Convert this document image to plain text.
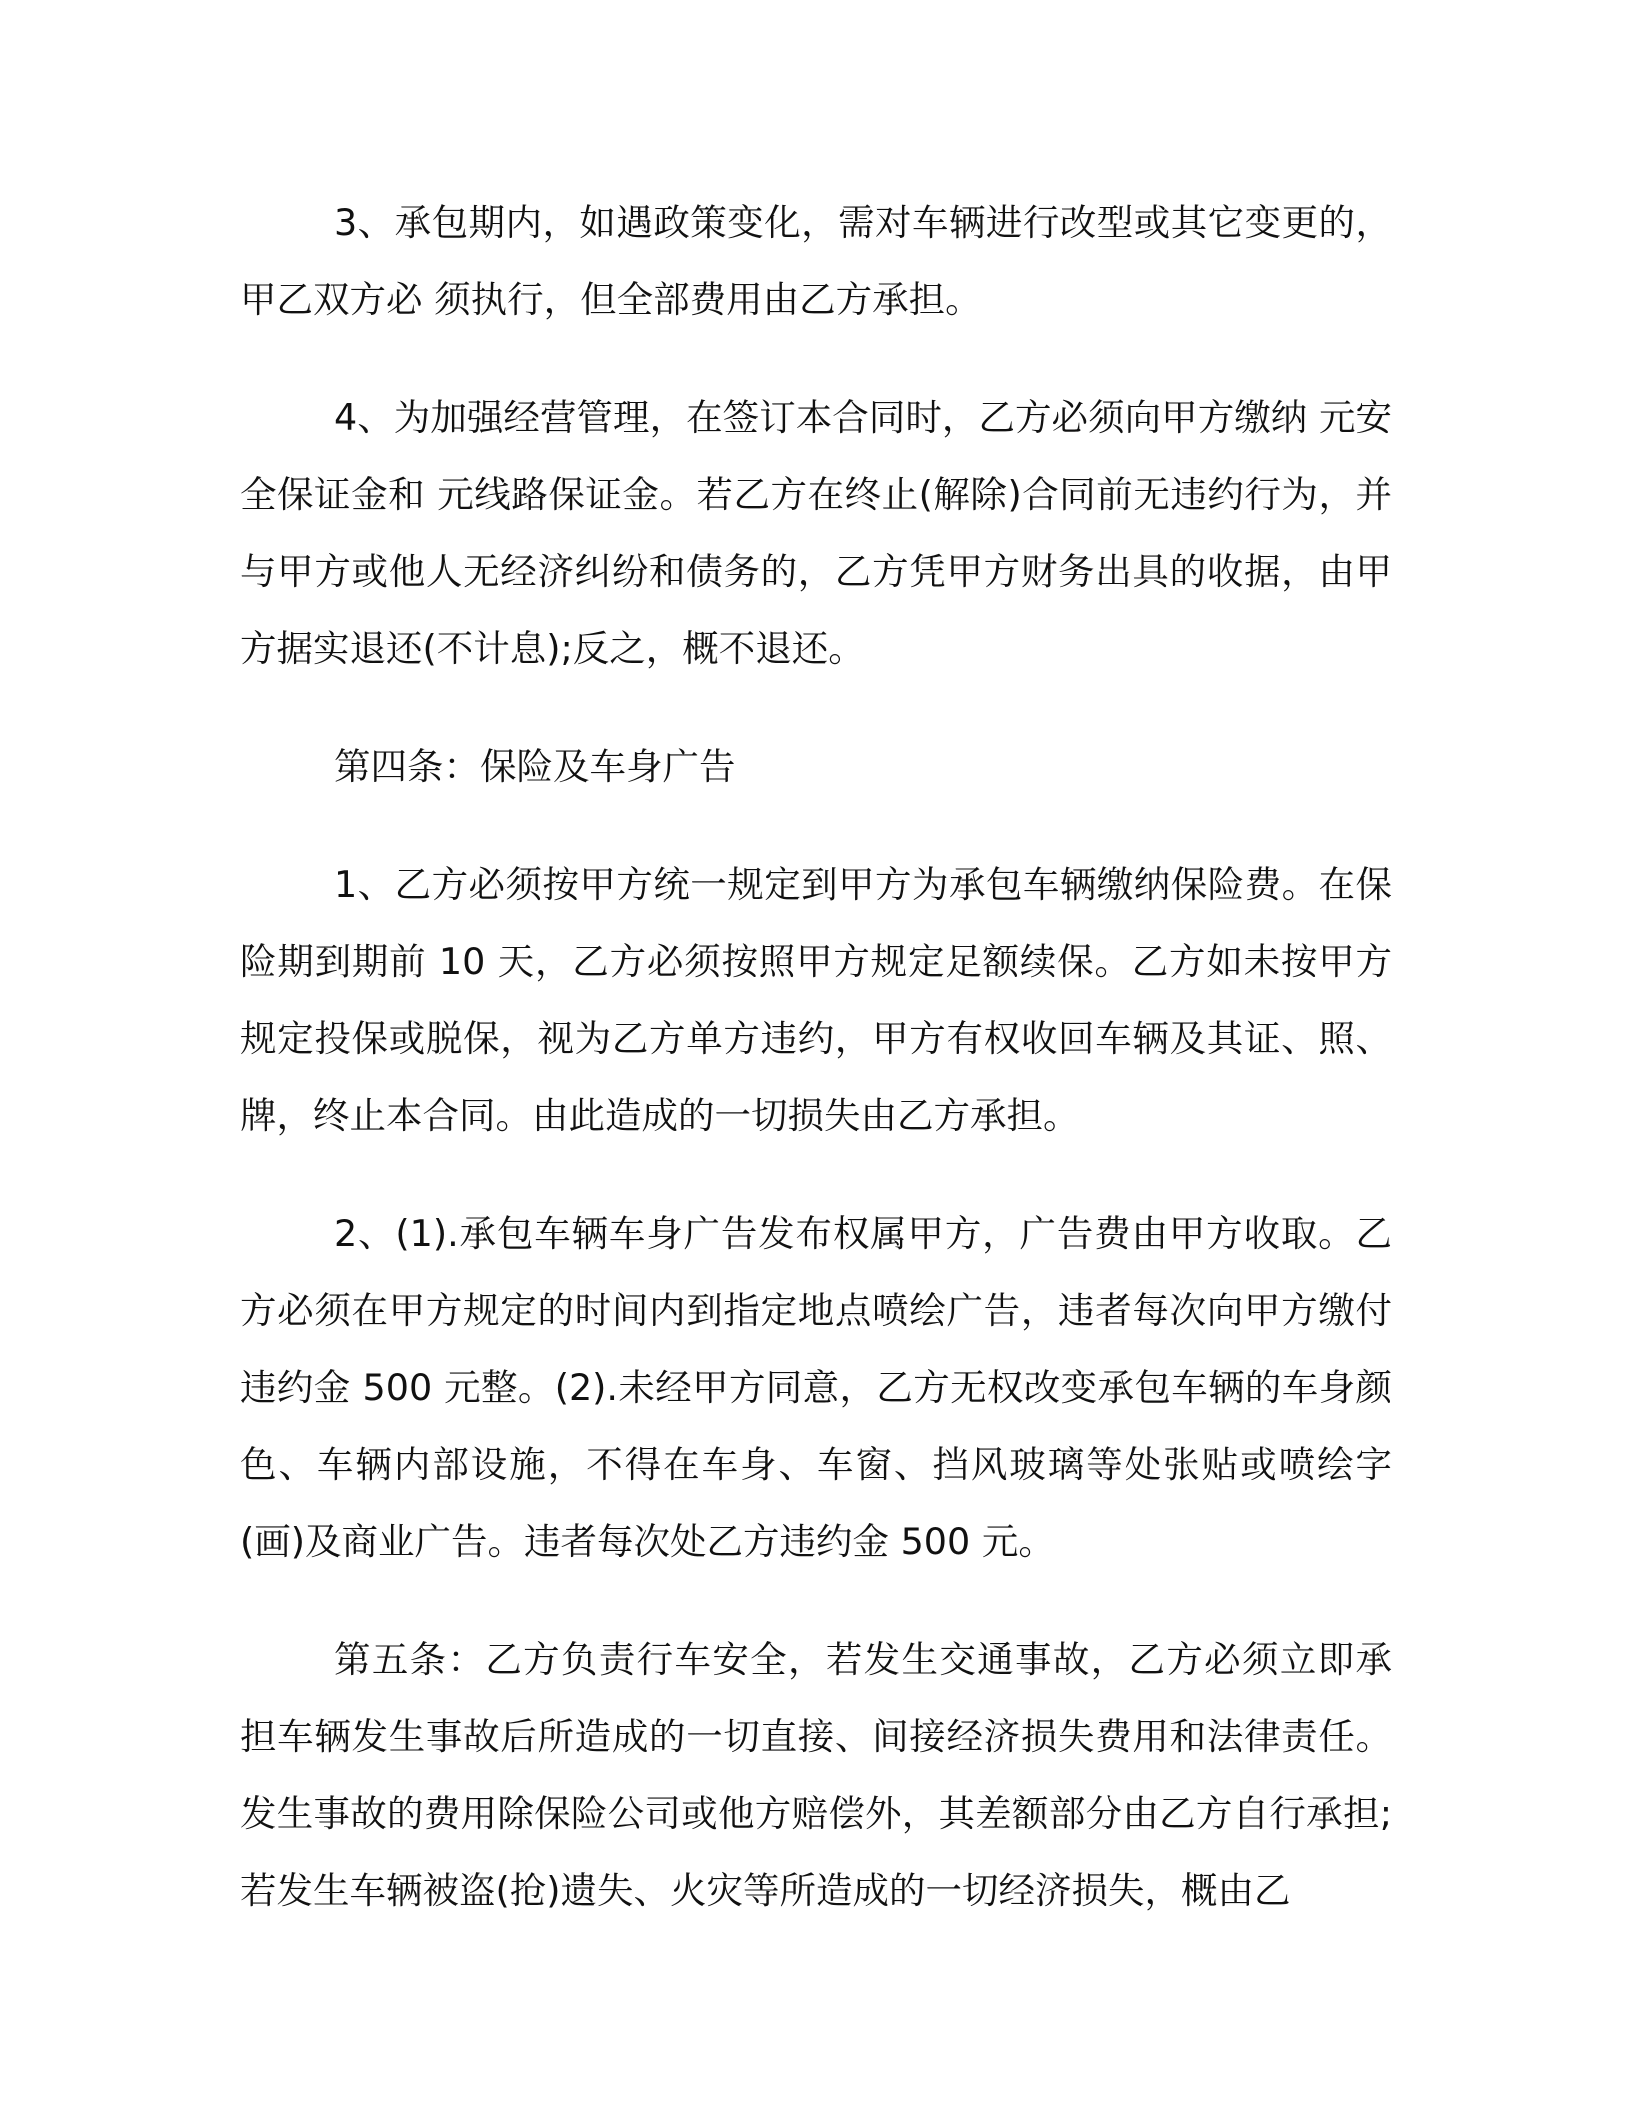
3、承包期内，如遇政策变化，需对车辆进行改型或其它变更的，甲乙双方必 须执行，但全部费用由乙方承担。

4、为加强经营管理，在签订本合同时，乙方必须向甲方缴纳 元安全保证金和 元线路保证金。若乙方在终止(解除)合同前无违约行为，并与甲方或他人无经济纠纷和债务的，乙方凭甲方财务出具的收据，由甲方据实退还(不计息);反之，概不退还。

第四条：保险及车身广告

1、乙方必须按甲方统一规定到甲方为承包车辆缴纳保险费。在保险期到期前 10 天，乙方必须按照甲方规定足额续保。乙方如未按甲方规定投保或脱保，视为乙方单方违约，甲方有权收回车辆及其证、照、牌，终止本合同。由此造成的一切损失由乙方承担。

2、(1).承包车辆车身广告发布权属甲方，广告费由甲方收取。乙方必须在甲方规定的时间内到指定地点喷绘广告，违者每次向甲方缴付违约金 500 元整。(2).未经甲方同意，乙方无权改变承包车辆的车身颜色、车辆内部设施，不得在车身、车窗、挡风玻璃等处张贴或喷绘字(画)及商业广告。违者每次处乙方违约金 500 元。

第五条：乙方负责行车安全，若发生交通事故，乙方必须立即承担车辆发生事故后所造成的一切直接、间接经济损失费用和法律责任。发生事故的费用除保险公司或他方赔偿外，其差额部分由乙方自行承担;若发生车辆被盗(抢)遗失、火灾等所造成的一切经济损失，概由乙
